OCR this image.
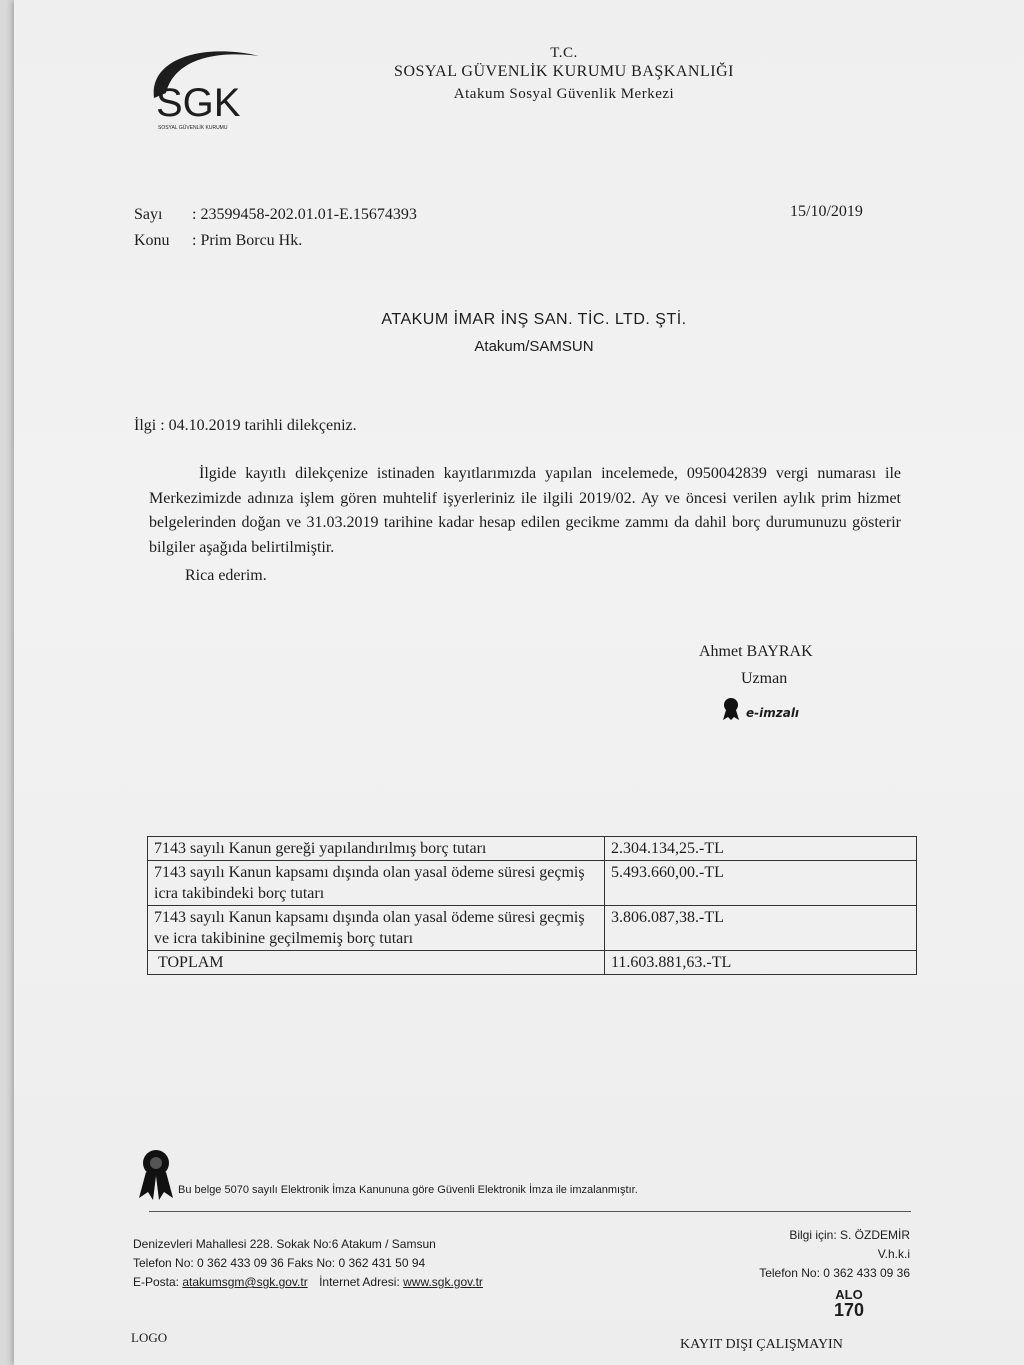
SGK
SOSYAL GÜVENLİK KURUMU
T.C.
SOSYAL GÜVENLİK KURUMU BAŞKANLIĞI
Atakum Sosyal Güvenlik Merkezi
Sayı : 23599458-202.01.01-E.15674393
Konu : Prim Borcu Hk.
15/10/2019
ATAKUM İMAR İNŞ SAN. TİC. LTD. ŞTİ.
Atakum/SAMSUN
İlgi : 04.10.2019 tarihli dilekçeniz.
İlgide kayıtlı dilekçenize istinaden kayıtlarımızda yapılan incelemede, 0950042839 vergi numarası ile Merkezimizde adınıza işlem gören muhtelif işyerleriniz ile ilgili 2019/02. Ay ve öncesi verilen aylık prim hizmet belgelerinden doğan ve 31.03.2019 tarihine kadar hesap edilen gecikme zammı da dahil borç durumunuzu gösterir bilgiler aşağıda belirtilmiştir.
Rica ederim.
Ahmet BAYRAK
Uzman
e-imzalı
7143 sayılı Kanun gereği yapılandırılmış borç tutarı	2.304.134,25.-TL
7143 sayılı Kanun kapsamı dışında olan yasal ödeme süresi geçmiş icra takibindeki borç tutarı	5.493.660,00.-TL
7143 sayılı Kanun kapsamı dışında olan yasal ödeme süresi geçmiş ve icra takibinine geçilmemiş borç tutarı	3.806.087,38.-TL
TOPLAM	11.603.881,63.-TL
Bu belge 5070 sayılı Elektronik İmza Kanununa göre Güvenli Elektronik İmza ile imzalanmıştır.
Denizevleri Mahallesi 228. Sokak No:6 Atakum / Samsun
Telefon No: 0 362 433 09 36 Faks No: 0 362 431 50 94
E-Posta: atakumsgm@sgk.gov.tr İnternet Adresi: www.sgk.gov.tr
Bilgi için: S. ÖZDEMİR
V.h.k.i
Telefon No: 0 362 433 09 36
ALO
170
LOGO	KAYIT DIŞI ÇALIŞMAYIN
